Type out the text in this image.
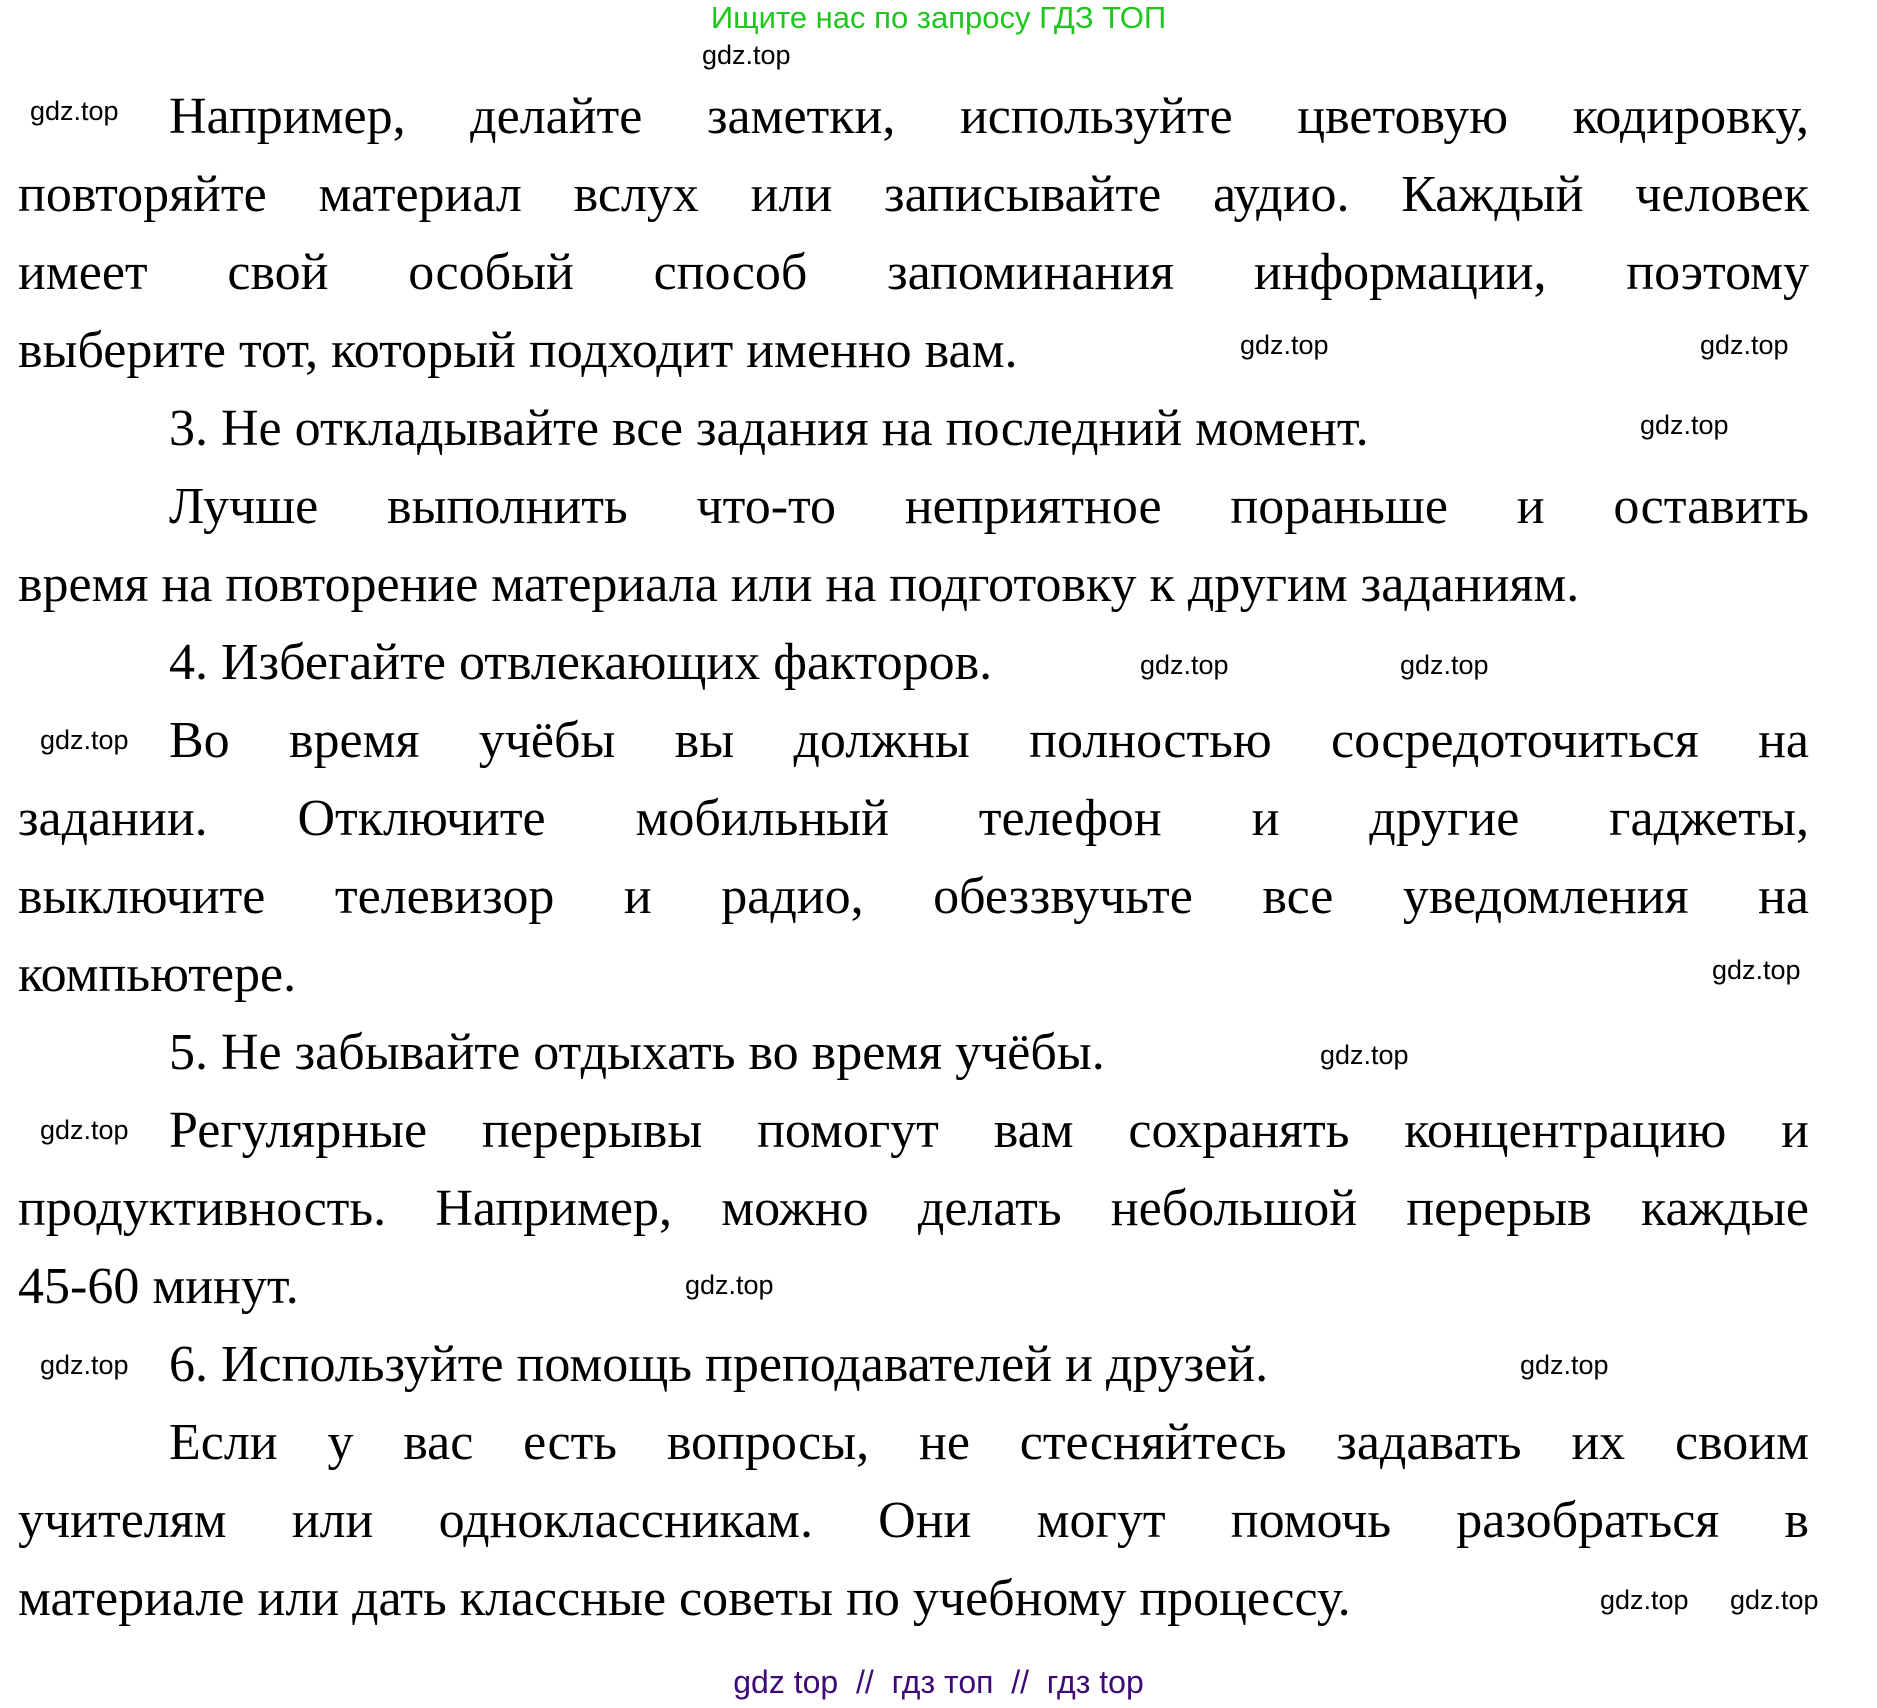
Ищите нас по запросу ГДЗ ТОП
Например, делайте заметки, используйте цветовую кодировку,
повторяйте материал вслух или записывайте аудио. Каждый человек
имеет свой особый способ запоминания информации, поэтому
выберите тот, который подходит именно вам.
3. Не откладывайте все задания на последний момент.
Лучше выполнить что-то неприятное пораньше и оставить
время на повторение материала или на подготовку к другим заданиям.
4. Избегайте отвлекающих факторов.
Во время учёбы вы должны полностью сосредоточиться на
задании. Отключите мобильный телефон и другие гаджеты,
выключите телевизор и радио, обеззвучьте все уведомления на
компьютере.
5. Не забывайте отдыхать во время учёбы.
Регулярные перерывы помогут вам сохранять концентрацию и
продуктивность. Например, можно делать небольшой перерыв каждые
45-60 минут.
6. Используйте помощь преподавателей и друзей.
Если у вас есть вопросы, не стесняйтесь задавать их своим
учителям или одноклассникам. Они могут помочь разобраться в
материале или дать классные советы по учебному процессу.
gdz.top
gdz.top
gdz.top
gdz.top
gdz.top
gdz.top
gdz.top
gdz.top
gdz.top
gdz.top
gdz.top
gdz.top
gdz.top	gdz.top
gdz.top gdz.top
gdz top  //  гдз топ  //  гдз top
